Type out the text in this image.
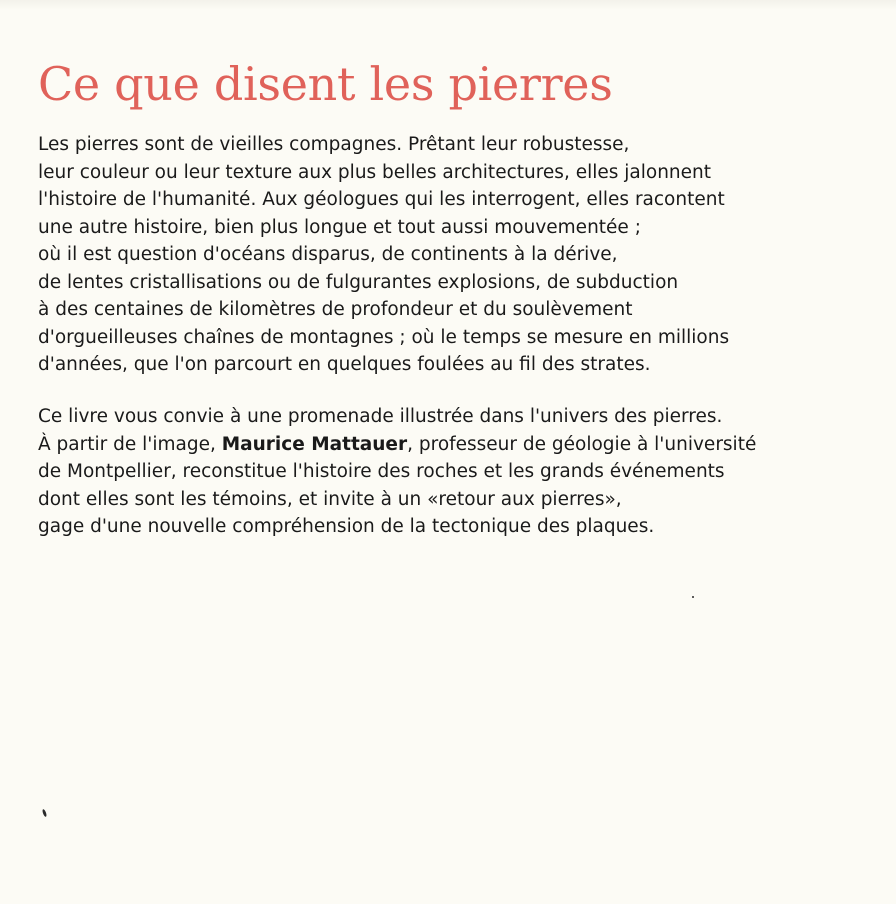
Ce que disent les pierres

Les pierres sont de vieilles compagnes. Prêtant leur robustesse,
leur couleur ou leur texture aux plus belles architectures, elles jalonnent
l'histoire de l'humanité. Aux géologues qui les interrogent, elles racontent
une autre histoire, bien plus longue et tout aussi mouvementée ;
où il est question d'océans disparus, de continents à la dérive,
de lentes cristallisations ou de fulgurantes explosions, de subduction
à des centaines de kilomètres de profondeur et du soulèvement
d'orgueilleuses chaînes de montagnes ; où le temps se mesure en millions
d'années, que l'on parcourt en quelques foulées au fil des strates.

Ce livre vous convie à une promenade illustrée dans l'univers des pierres.
À partir de l'image, Maurice Mattauer, professeur de géologie à l'université
de Montpellier, reconstitue l'histoire des roches et les grands événements
dont elles sont les témoins, et invite à un «retour aux pierres»,
gage d'une nouvelle compréhension de la tectonique des plaques.
